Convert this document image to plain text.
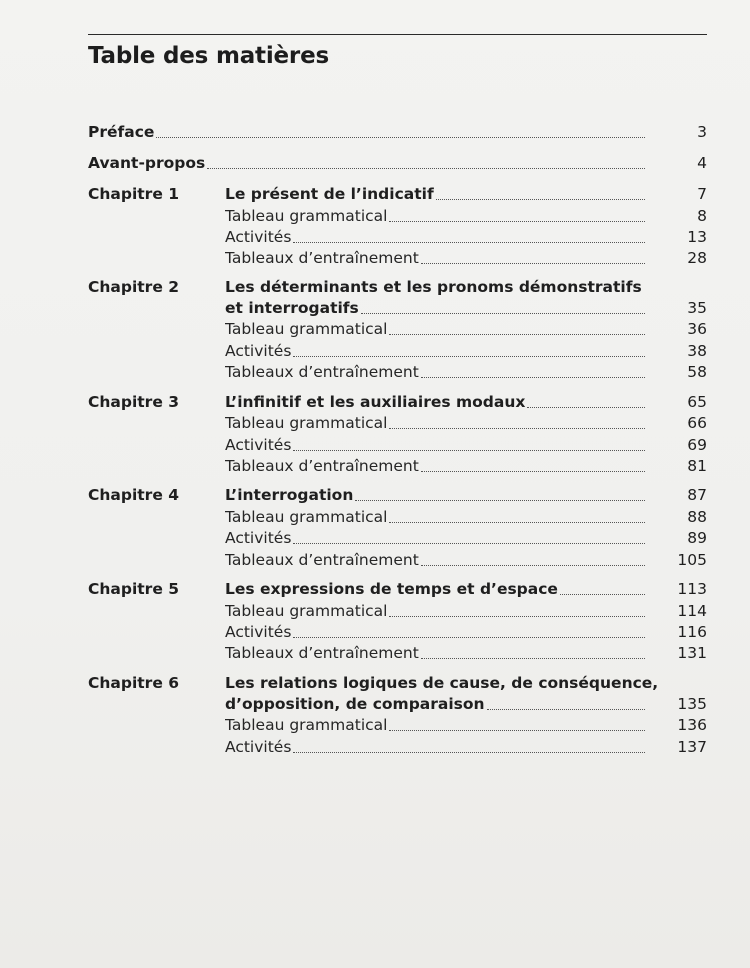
Table des matières
Préface	3
Avant-propos	4
Chapitre 1	Le présent de l’indicatif	7
Tableau grammatical	8
Activités	13
Tableaux d’entraînement	28
Chapitre 2	Les déterminants et les pronoms démonstratifs
et interrogatifs	35
Tableau grammatical	36
Activités	38
Tableaux d’entraînement	58
Chapitre 3	L’infinitif et les auxiliaires modaux	65
Tableau grammatical	66
Activités	69
Tableaux d’entraînement	81
Chapitre 4	L’interrogation	87
Tableau grammatical	88
Activités	89
Tableaux d’entraînement	105
Chapitre 5	Les expressions de temps et d’espace	113
Tableau grammatical	114
Activités	116
Tableaux d’entraînement	131
Chapitre 6	Les relations logiques de cause, de conséquence,
d’opposition, de comparaison	135
Tableau grammatical	136
Activités	137
